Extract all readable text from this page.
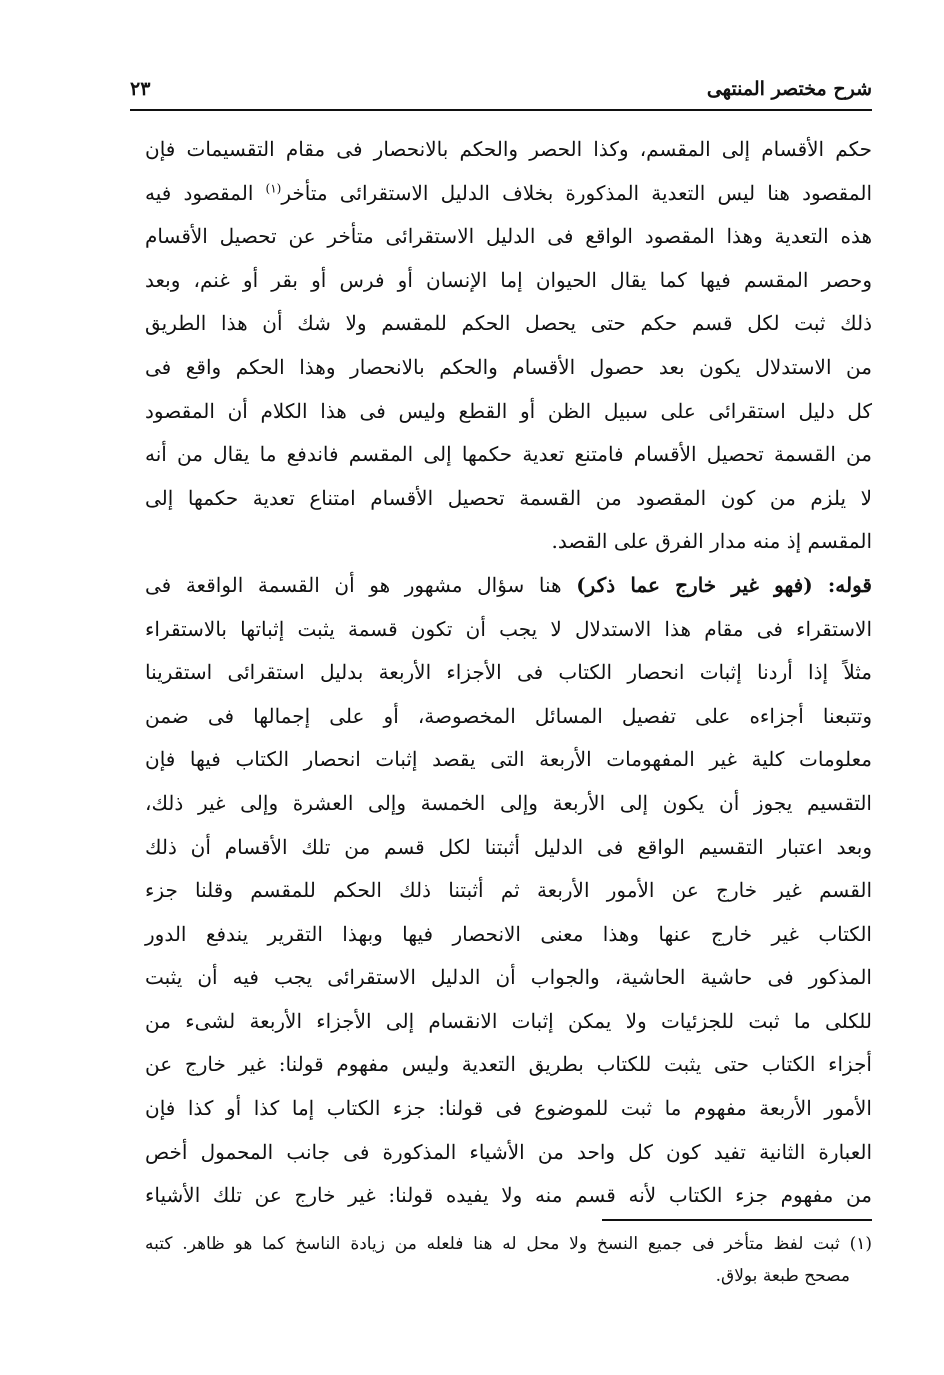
شرح مختصر المنتهى
٢٣
حكم الأقسام إلى المقسم، وكذا الحصر والحكم بالانحصار فى مقام التقسيمات فإن
المقصود هنا ليس التعدية المذكورة بخلاف الدليل الاستقرائى متأخر$^{(١)}$ المقصود فيه
هذه التعدية وهذا المقصود الواقع فى الدليل الاستقرائى متأخر عن تحصيل الأقسام
وحصر المقسم فيها كما يقال الحيوان إما الإنسان أو فرس أو بقر أو غنم، وبعد
ذلك ثبت لكل قسم حكم حتى يحصل الحكم للمقسم ولا شك أن هذا الطريق
من الاستدلال يكون بعد حصول الأقسام والحكم بالانحصار وهذا الحكم واقع فى
كل دليل استقرائى على سبيل الظن أو القطع وليس فى هذا الكلام أن المقصود
من القسمة تحصيل الأقسام فامتنع تعدية حكمها إلى المقسم فاندفع ما يقال من أنه
لا يلزم من كون المقصود من القسمة تحصيل الأقسام امتناع تعدية حكمها إلى
المقسم إذ منه مدار الفرق على القصد.
قوله: (فهو غير خارج عما ذكر) هنا سؤال مشهور هو أن القسمة الواقعة فى
الاستقراء فى مقام هذا الاستدلال لا يجب أن تكون قسمة يثبت إثباتها بالاستقراء
مثلاً إذا أردنا إثبات انحصار الكتاب فى الأجزاء الأربعة بدليل استقرائى استقرينا
وتتبعنا أجزاءه على تفصيل المسائل المخصوصة، أو على إجمالها فى ضمن
معلومات كلية غير المفهومات الأربعة التى يقصد إثبات انحصار الكتاب فيها فإن
التقسيم يجوز أن يكون إلى الأربعة وإلى الخمسة وإلى العشرة وإلى غير ذلك،
وبعد اعتبار التقسيم الواقع فى الدليل أثبتنا لكل قسم من تلك الأقسام أن ذلك
القسم غير خارج عن الأمور الأربعة ثم أثبتنا ذلك الحكم للمقسم وقلنا جزء
الكتاب غير خارج عنها وهذا معنى الانحصار فيها وبهذا التقرير يندفع الدور
المذكور فى حاشية الحاشية، والجواب أن الدليل الاستقرائى يجب فيه أن يثبت
للكلى ما ثبت للجزئيات ولا يمكن إثبات الانقسام إلى الأجزاء الأربعة لشىء من
أجزاء الكتاب حتى يثبت للكتاب بطريق التعدية وليس مفهوم قولنا: غير خارج عن
الأمور الأربعة مفهوم ما ثبت للموضوع فى قولنا: جزء الكتاب إما كذا أو كذا فإن
العبارة الثانية تفيد كون كل واحد من الأشياء المذكورة فى جانب المحمول أخص
من مفهوم جزء الكتاب لأنه قسم منه ولا يفيده قولنا: غير خارج عن تلك الأشياء
(١) ثبت لفظ متأخر فى جميع النسخ ولا محل له هنا فلعله من زيادة الناسخ كما هو ظاهر. كتبه
مصحح طبعة بولاق.
